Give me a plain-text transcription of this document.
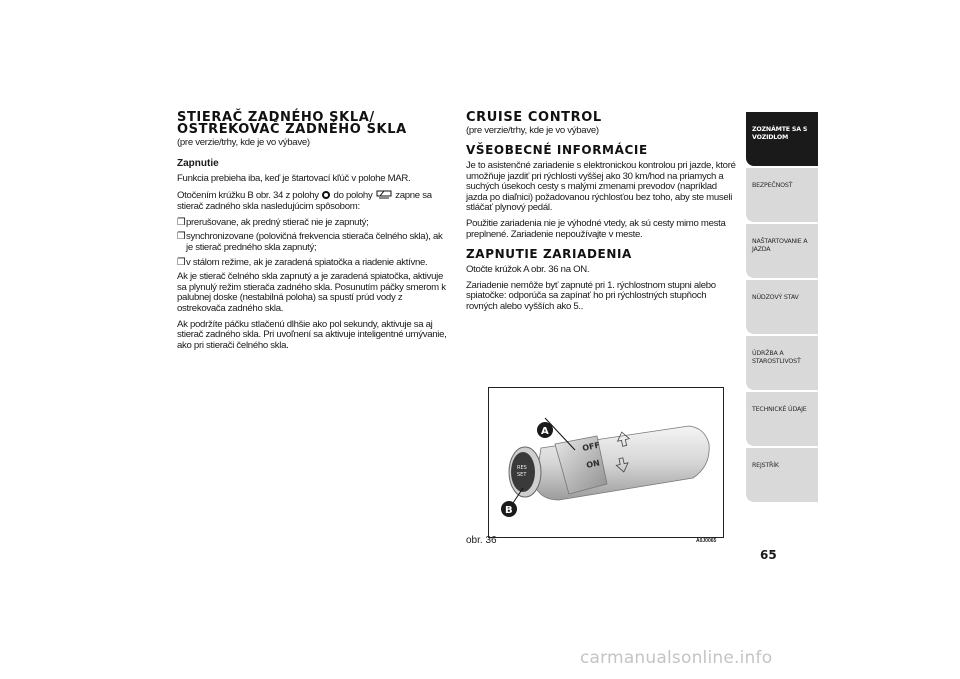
STIERAČ ZADNÉHO SKLA/ OSTREKOVAČ ZADNÉHO SKLA
(pre verzie/trhy, kde je vo výbave)
Zapnutie

Funkcia prebieha iba, keď je štartovací kľúč v polohe MAR.

Otočením krúžku B obr. 34 z polohy do polohy zapne sa stierač zadného skla nasledujúcim spôsobom:

❒ prerušovane, ak predný stierač nie je zapnutý;
❒ synchronizovane (polovičná frekvencia stierača čelného skla), ak je stierač predného skla zapnutý;
❒ v stálom režime, ak je zaradená spiatočka a riadenie aktívne.

Ak je stierač čelného skla zapnutý a je zaradená spiatočka, aktivuje sa plynulý režim stierača zadného skla. Posunutím páčky smerom k palubnej doske (nestabilná poloha) sa spustí prúd vody z ostrekovača zadného skla.

Ak podržíte páčku stlačenú dlhšie ako pol sekundy, aktivuje sa aj stierač zadného skla. Pri uvoľnení sa aktivuje inteligentné umývanie, ako pri stierači čelného skla.

CRUISE CONTROL
(pre verzie/trhy, kde je vo výbave)
VŠEOBECNÉ INFORMÁCIE

Je to asistenčné zariadenie s elektronickou kontrolou pri jazde, ktoré umožňuje jazdiť pri rýchlosti vyššej ako 30 km/hod na priamych a suchých úsekoch cesty s malými zmenami prevodov (napríklad jazda po diaľnici) požadovanou rýchlosťou bez toho, aby ste museli stláčať plynový pedál.

Použitie zariadenia nie je výhodné vtedy, ak sú cesty mimo mesta preplnené. Zariadenie nepoužívajte v meste.

ZAPNUTIE ZARIADENIA

Otočte krúžok A obr. 36 na ON.

Zariadenie nemôže byť zapnuté pri 1. rýchlostnom stupni alebo spiatočke: odporúča sa zapínať ho pri rýchlostných stupňoch rovných alebo vyšších ako 5..

RES
SET
OFF
ON
A
B
obr. 36	A0J0065
ZOZNÁMTE SA S VOZIDLOM
BEZPEČNOSŤ
NAŠTARTOVANIE A JAZDA
NÚDZOVÝ STAV
ÚDRŽBA A STAROSTLIVOSŤ
TECHNICKÉ ÚDAJE
REJSTŘÍK
65
carmanualsonline.info
